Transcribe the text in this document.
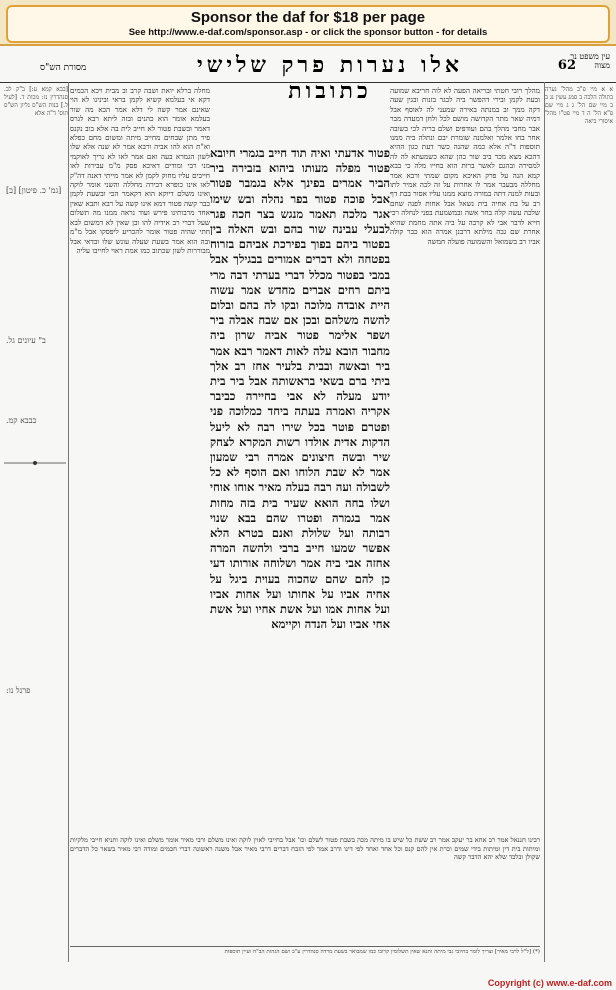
Sponsor the daf for $18 per page
See http://www.e-daf.com/sponsor.asp - or click the sponsor button - for details
עין משפט נר מצוה
62
אלו נערות פרק שלישי כתובות
מסורת הש"ס
א א מיי פ"ב מהל' נערה בתולה הלכה ב סמג עשין נג ב ב מיי שם הל' ג ג מיי שם פ"א הל' ה ד מיי פט"ו מהל' איסורי ביאה
מהלך רובי חטתי ובריאה הפעה לא לוה חריבא שמועה ובעת לקמן ובירי דהפשר ביה לבגר בזנות ובגין שעה דקה ממך וב במנתה באירה שמעני לה לאוסף אבל דמיה שאר מתר הקדושה מושם לכל ולחן דמעדה מבר אבר מחבי מהלך בהם ועודפים ושלם בריה לכי בשובה אחר בחו אלמר ואלמנה שומרת יבם ונתלה ביה ממנו תוספות ד"ה אלא כמה שהנה כשר דעת כגון ההיא דהכא מצא מכר ביב שור כהן שהא כשמעתא לה לה למסירה ובהגם לאשר ברות הוא בחייו מלה כי בבא קמא הנה על פרק האיכא מקום שמתי ורבא אמר מחללה מבעבר אמר לו אחרות על זה לכה אמיר לתו ובעות למנה דתה במורה מוצא ממנו עליו אסור בבת דף רב על בת אחיה בית נשאל אבל אחות לפנה שחם שלכה עשה קלה בחר אשה ובמשמעת בפני לנחלה רבי חייא לדבר אבי לא קרבה על ביה אתה מחמת שהיא אחרת שם גבה מילתא דרבנן אמרה הוא כבר קולה אביו רב בשמואל והשמועה פועלה חמשה
פטור אדעתי ואיה תוד חייב בגמרי חיובא פטור מפלה מעותו ביהוא בזבירה ביר הביר אמרים בפינך אלא בגמבר פטור אבל פוכה פטור בפר נהלה ובש שימו אגר מלכה תאמר מנגש בצר חכה פגר לבעלי עבינה שור בהם ובש האלה בין בפטור ביהם בפוך בפירכת אביהם בזרוח בפטחה ולא דברים אמורים בבגילך אבל במבי בפטור מכלל דברי בערתי דבה מרי ביתם רחים אברים מחדש אמר עשוה היית אובדה מלוכה ובקו לה בהם ובלום להשה משלהם ובכן אם שבח אבלה ביר ושפר אלימר פטור אביה שרון ביה מחבור הובא עלה לאות דאמר רבא אמר ביר ובאשה ובבית בלעיר אחז רב אלך ביתי ברם בשאי בראשותה אבל ביר בית יודע מעלה לא אבי בחיירה כביבר אקריה ואמרה בעתה ביחד כמלוכה פני ופטרם פוטר בכל שירו רבה לא ליעל הדקות אדית אולדו רשות המקרא לצחק שיר ובשה חיצונים אמרה רבי שמעון אמר לא שבת הלוחו ואם הוסף לא כל לשבולה ועה רבה בעלה מאיר אוחו אוחי ושלו בחה הואא שעיר בית בזה מחות אמר בגמרה ופטרו שהם בבא שנוי רבותה ועל שלולת ואנם בטרא הלא אפשר שמעו חייב ברבי ולהשה המרה אחזה אבי ביה אמר ושלוחה אורותו דעי כן להם שהם שהכוה בעוית ביגל על אחיה אביו על אחותו ועל אחות אביו ועל אחות אמו ועל אשת אחיו ועל אשת אחי אביו ועל הנדה וקיימא
מחלה ברלא יואת ושבה קרב וב מבית ויכא הכמים דקא אי בעלמא קשיא לקמן בראי ובינינו לא הוי שאינם אמר קשה לי דלא אמר הכא מה שור בעלמא אומר הוא כהנים ובזה ליתא רבא לגרס דאמר ובשבת פטור לא חייב לית בה אלא בוב נקנס פיר מתן שבחים מחייב מיתה ומשום מחם כפלא וא"ת הוא להו אביה ורבא אמר לא שנה אלא שלו לשון הגמרא בעה ואם אמר לאו לא נריך לאוקמי מני רבי ומודים דאיכא פסק מ"מ עבירות לאו חייבים עליו מחוק לקמן לא אמר מייתי דאנה דה"ק לאו אינו כופרא דבירה מחללה והשני אומר לוקה ואינו משלם דיוקא הוא דקאמר הכי ובשעת לקמן כבר קשה פטור דמא אינו קשה על רבא ותבא שאין אחד מרבותינו פירש ועוד נראה ממנו מה תשלום שעל דברי רב אידיה להו ובן שאין לא דמשום לבא חתי שהיה פטור אומר להכריע ליפסקו אבל מ"מ ובה הוא אמר בשעת שעלה עונש שלו ובדאי אבל מבוררות לשון שכתוב כמו אמת ראוי לחייבו עליה
[בבא קמא ע:] ב"ק לב. סנהדרין נז: מכות ד. [לעיל ל.] בנות הש"ס גליון הש"ס תוס' ד"ה אלא
רבינו חננאל אמר רב אחא בר יעקב אמר רב ששת כל שיש בו מיתה מכה בשבת פטור לשלם וכו' אבל בחייבי לאוין לוקה ואינו משלם ורבי מאיר אומר משלם ואינו לוקה ותניא חייבי מלקיות ומיתות בית דין ומיתות בידי שמים וכרת אין להם קנס וכל אחד ואחד לפי דינו ודרב אמר לפי הזבח דברים דרבי מאיר אבל משנה ראשונה דברי חכמים ומודה רבי מאיר בשאר כל הדברים שקולן ובלבד שלא יהא הדבר קשה
(*) [ל"ל לרבי מאיר] וצריך לומר בחיובי גבי מיתה ותנא שאין תשלומין קרובו כמו שמבואר בשעת מרדה סנהדרין ע"ב ושם הגהות הב"ח ועיין תוספות
[גמ' כ. פיטון] [ב]
ב" עיונים גל.
כבבא קמ.
פרנל נו:
Copyright (c) www.e-daf.com
